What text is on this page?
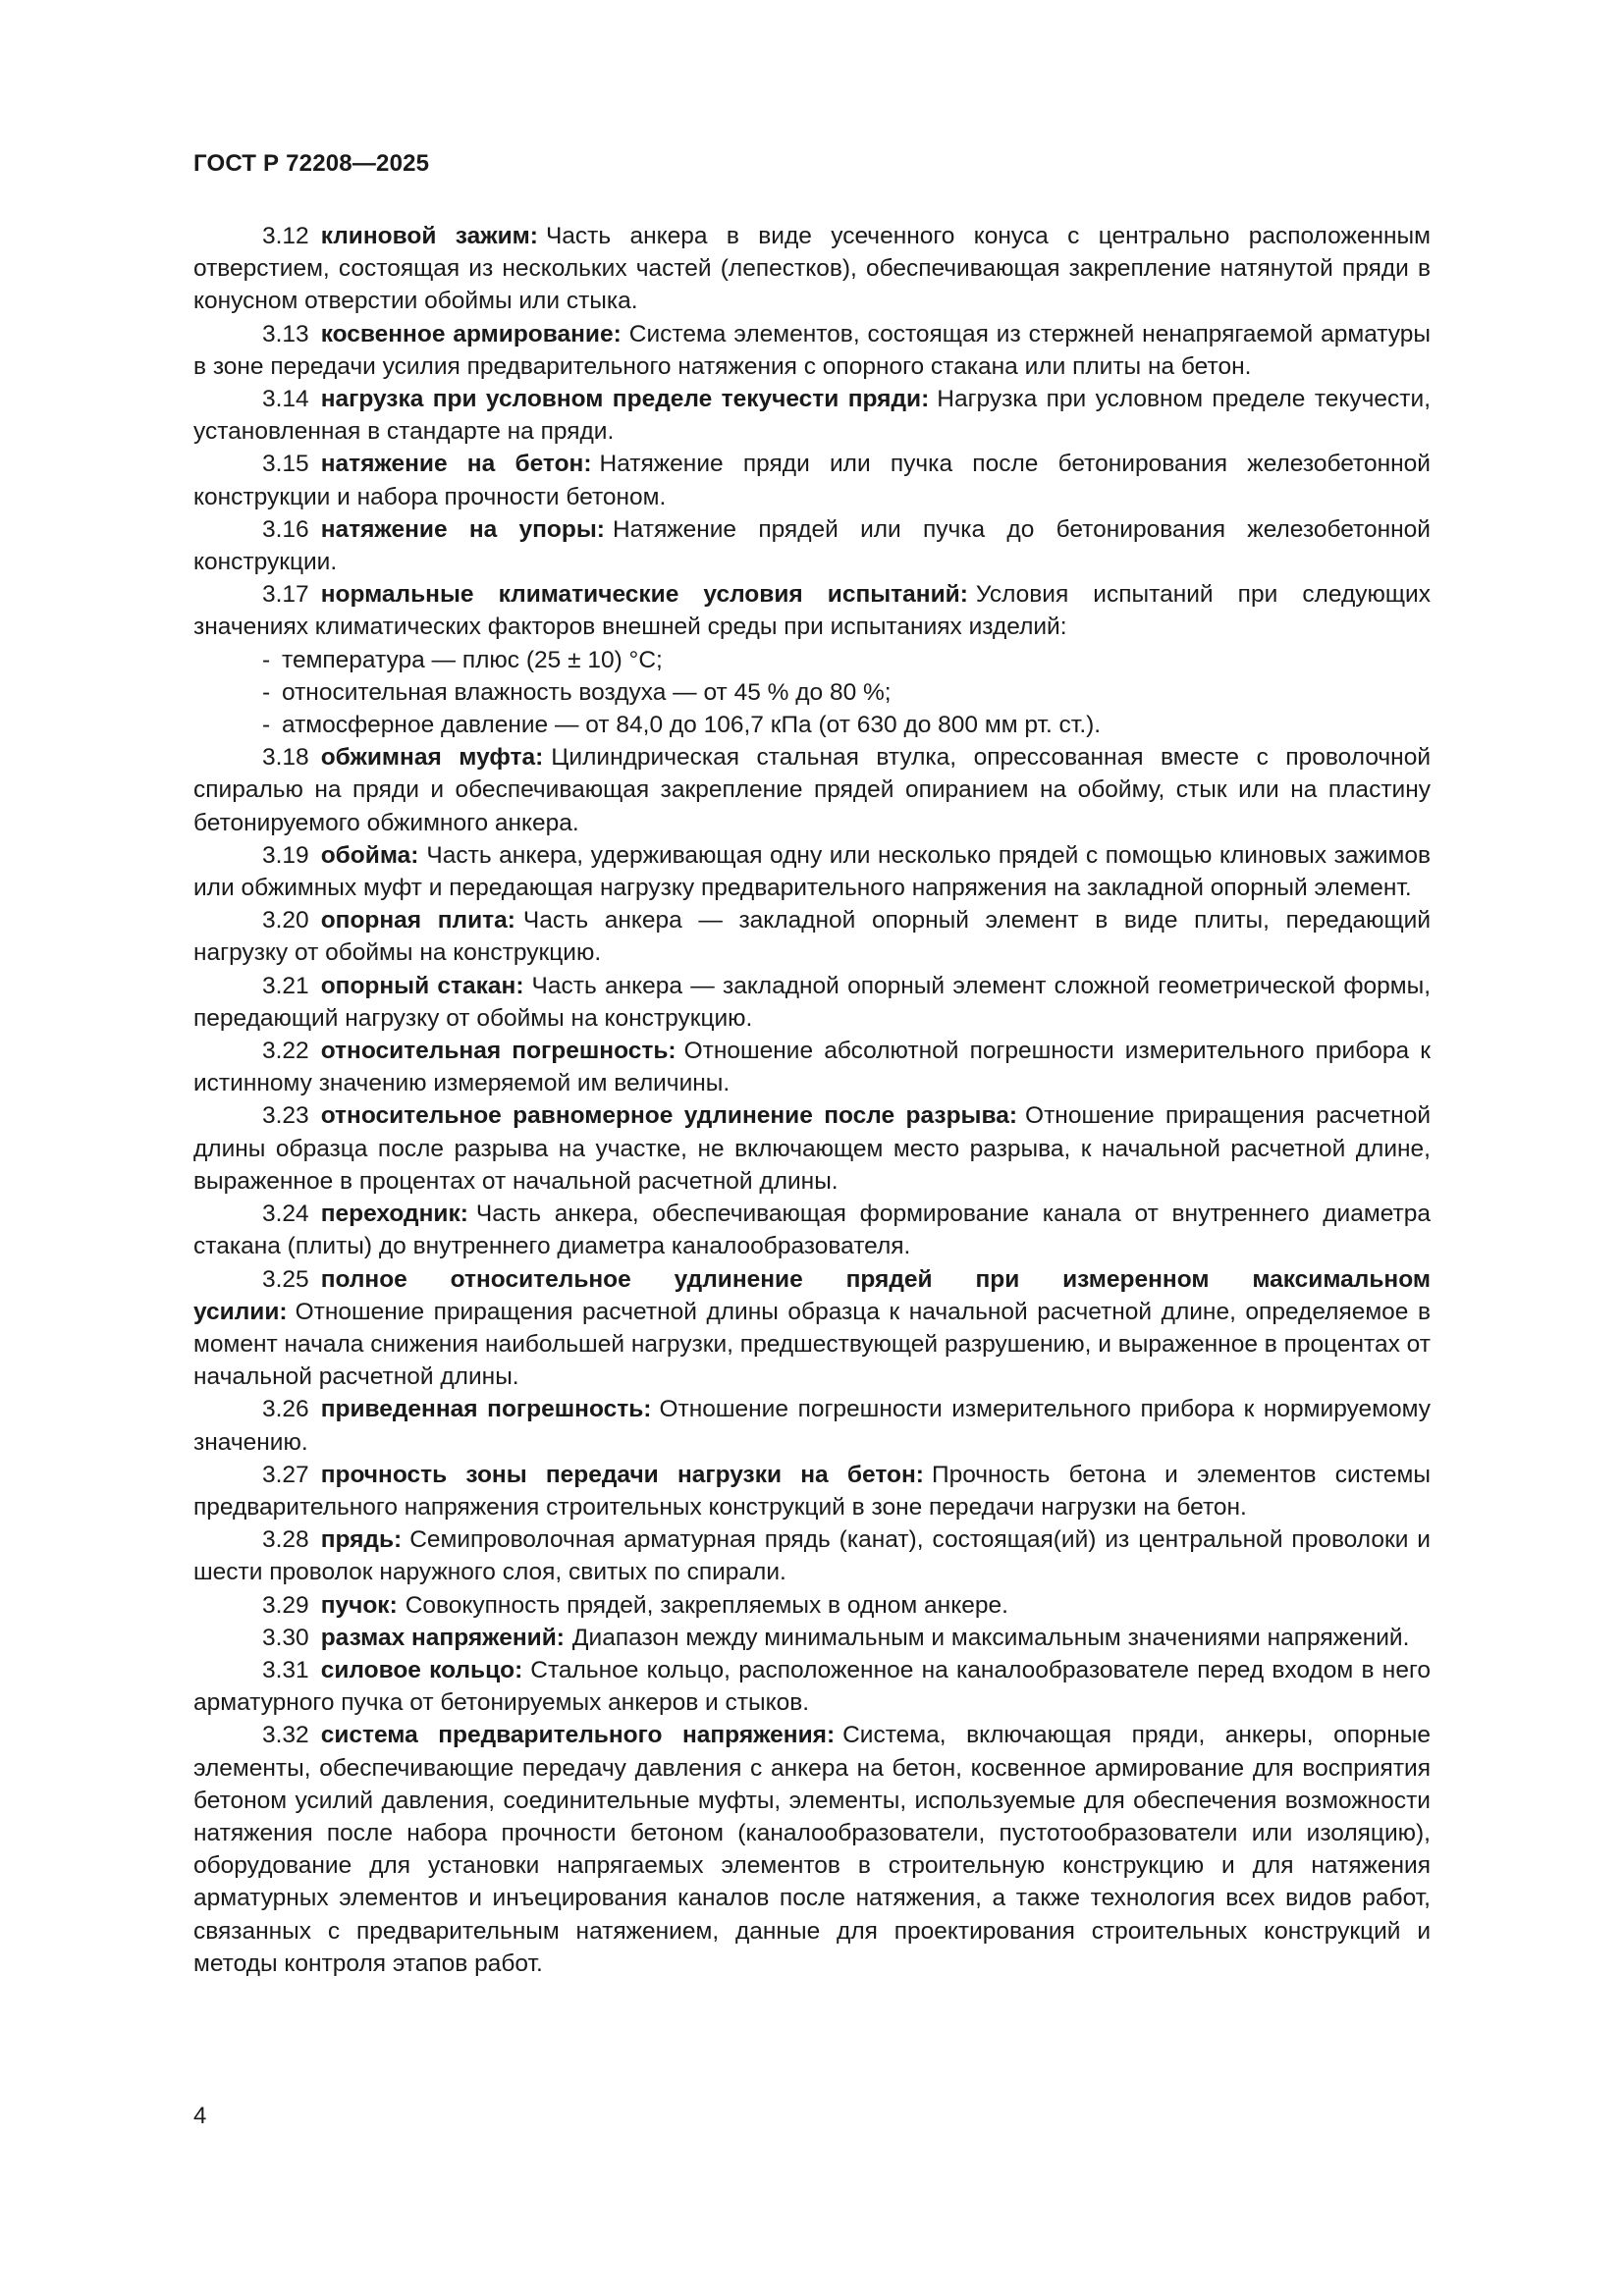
ГОСТ Р 72208—2025

3.12 клиновой зажим: Часть анкера в виде усеченного конуса с центрально расположенным отверстием, состоящая из нескольких частей (лепестков), обеспечивающая закрепление натянутой пряди в конусном отверстии обоймы или стыка.

3.13 косвенное армирование: Система элементов, состоящая из стержней ненапрягаемой арматуры в зоне передачи усилия предварительного натяжения с опорного стакана или плиты на бетон.

3.14 нагрузка при условном пределе текучести пряди: Нагрузка при условном пределе текучести, установленная в стандарте на пряди.

3.15 натяжение на бетон: Натяжение пряди или пучка после бетонирования железобетонной конструкции и набора прочности бетоном.

3.16 натяжение на упоры: Натяжение прядей или пучка до бетонирования железобетонной конструкции.

3.17 нормальные климатические условия испытаний: Условия испытаний при следующих значениях климатических факторов внешней среды при испытаниях изделий:

- температура — плюс (25 ± 10) °C;
- относительная влажность воздуха — от 45 % до 80 %;
- атмосферное давление — от 84,0 до 106,7 кПа (от 630 до 800 мм рт. ст.).

3.18 обжимная муфта: Цилиндрическая стальная втулка, опрессованная вместе с проволочной спиралью на пряди и обеспечивающая закрепление прядей опиранием на обойму, стык или на пластину бетонируемого обжимного анкера.

3.19 обойма: Часть анкера, удерживающая одну или несколько прядей с помощью клиновых зажимов или обжимных муфт и передающая нагрузку предварительного напряжения на закладной опорный элемент.

3.20 опорная плита: Часть анкера — закладной опорный элемент в виде плиты, передающий нагрузку от обоймы на конструкцию.

3.21 опорный стакан: Часть анкера — закладной опорный элемент сложной геометрической формы, передающий нагрузку от обоймы на конструкцию.

3.22 относительная погрешность: Отношение абсолютной погрешности измерительного прибора к истинному значению измеряемой им величины.

3.23 относительное равномерное удлинение после разрыва: Отношение приращения расчетной длины образца после разрыва на участке, не включающем место разрыва, к начальной расчетной длине, выраженное в процентах от начальной расчетной длины.

3.24 переходник: Часть анкера, обеспечивающая формирование канала от внутреннего диаметра стакана (плиты) до внутреннего диаметра каналообразователя.

3.25 полное относительное удлинение прядей при измеренном максимальном усилии: Отношение приращения расчетной длины образца к начальной расчетной длине, определяемое в момент начала снижения наибольшей нагрузки, предшествующей разрушению, и выраженное в процентах от начальной расчетной длины.

3.26 приведенная погрешность: Отношение погрешности измерительного прибора к нормируемому значению.

3.27 прочность зоны передачи нагрузки на бетон: Прочность бетона и элементов системы предварительного напряжения строительных конструкций в зоне передачи нагрузки на бетон.

3.28 прядь: Семипроволочная арматурная прядь (канат), состоящая(ий) из центральной проволоки и шести проволок наружного слоя, свитых по спирали.

3.29 пучок: Совокупность прядей, закрепляемых в одном анкере.

3.30 размах напряжений: Диапазон между минимальным и максимальным значениями напряжений.

3.31 силовое кольцо: Стальное кольцо, расположенное на каналообразователе перед входом в него арматурного пучка от бетонируемых анкеров и стыков.

3.32 система предварительного напряжения: Система, включающая пряди, анкеры, опорные элементы, обеспечивающие передачу давления с анкера на бетон, косвенное армирование для восприятия бетоном усилий давления, соединительные муфты, элементы, используемые для обеспечения возможности натяжения после набора прочности бетоном (каналообразователи, пустотообразователи или изоляцию), оборудование для установки напрягаемых элементов в строительную конструкцию и для натяжения арматурных элементов и инъецирования каналов после натяжения, а также технология всех видов работ, связанных с предварительным натяжением, данные для проектирования строительных конструкций и методы контроля этапов работ.

4
